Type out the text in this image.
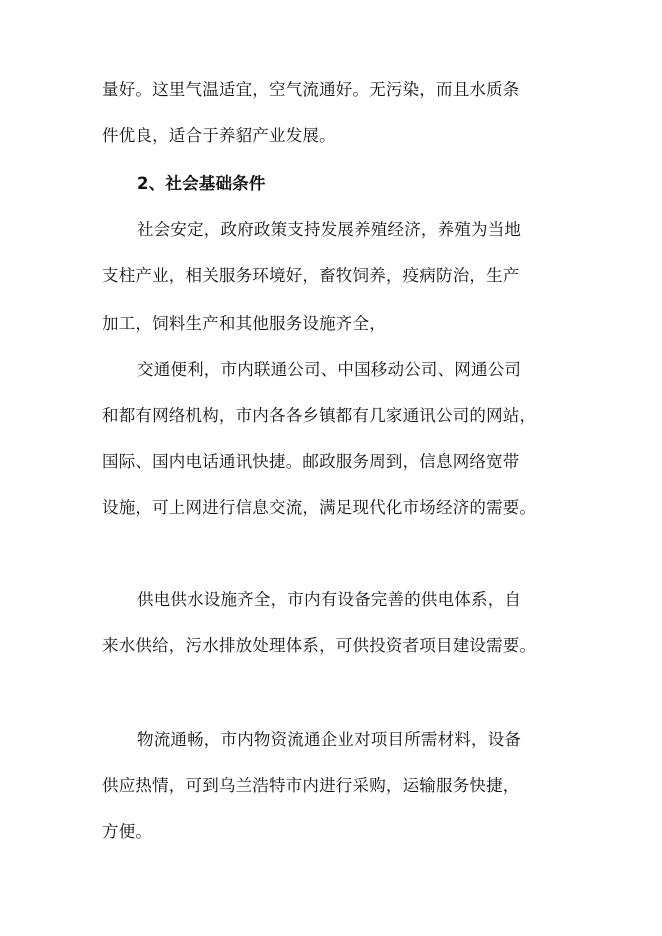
量好。这里气温适宜，空气流通好。无污染，而且水质条
件优良，适合于养貂产业发展。
2、社会基础条件
社会安定，政府政策支持发展养殖经济，养殖为当地
支柱产业，相关服务环境好，畜牧饲养，疫病防治，生产
加工，饲料生产和其他服务设施齐全，
交通便利，市内联通公司、中国移动公司、网通公司
和都有网络机构，市内各各乡镇都有几家通讯公司的网站，
国际、国内电话通讯快捷。邮政服务周到，信息网络宽带
设施，可上网进行信息交流，满足现代化市场经济的需要。
供电供水设施齐全，市内有设备完善的供电体系，自
来水供给，污水排放处理体系，可供投资者项目建设需要。
物流通畅，市内物资流通企业对项目所需材料，设备
供应热情，可到乌兰浩特市内进行采购，运输服务快捷，
方便。
